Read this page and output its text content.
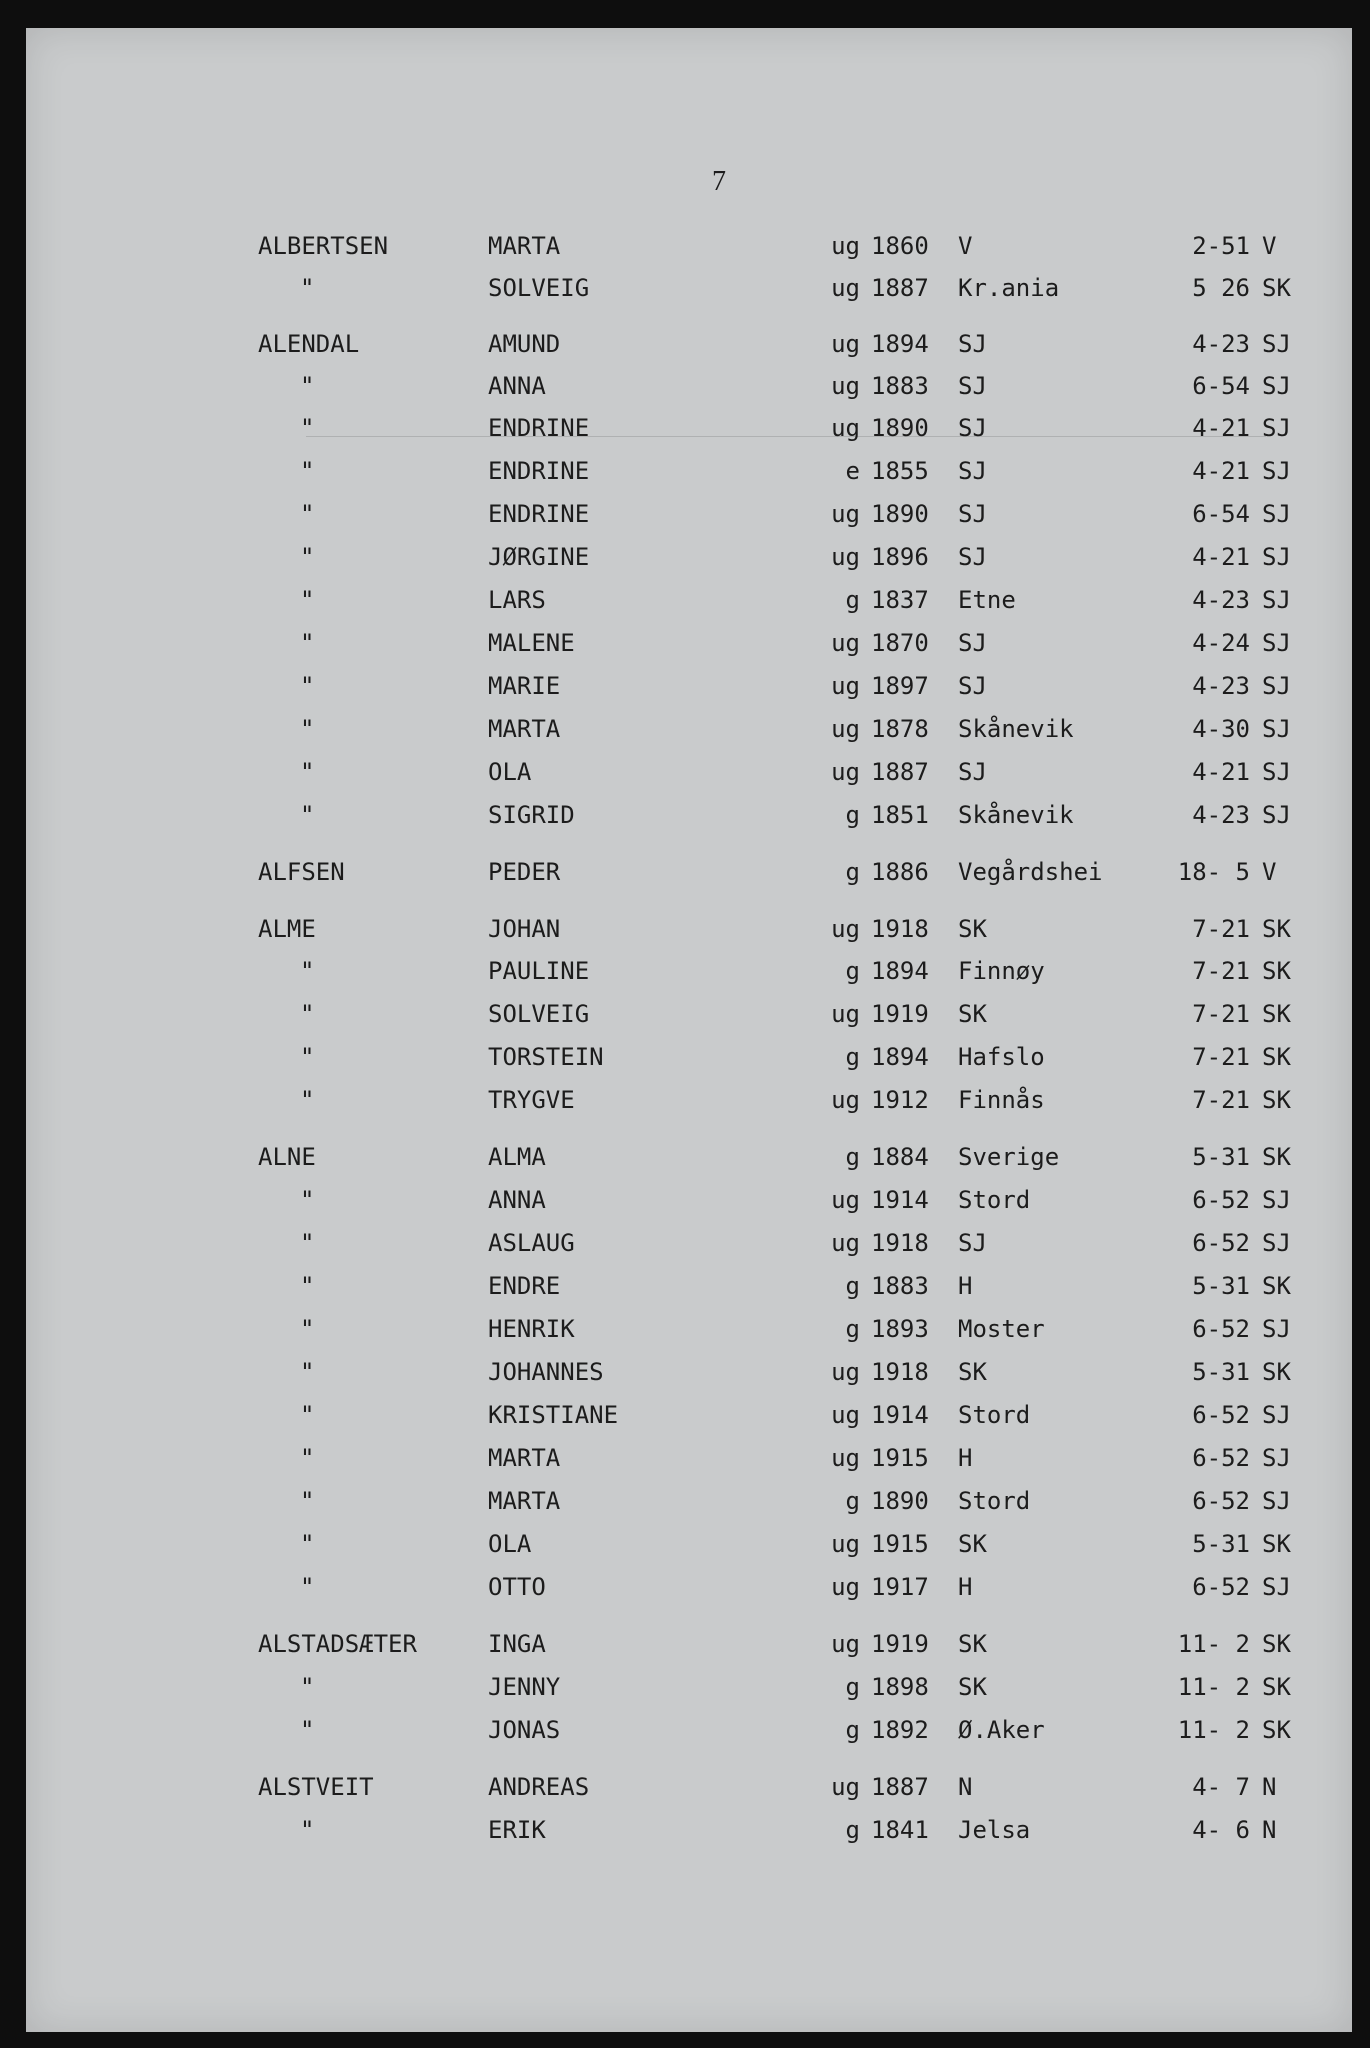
7
ALBERTSEN	MARTA	ug 1860 V	2-51 V
"	SOLVEIG	ug 1887 Kr.ania	5 26 SK
ALENDAL	AMUND	ug 1894 SJ	4-23 SJ
"	ANNA	ug 1883 SJ	6-54 SJ
"	ENDRINE	ug 1890 SJ	4-21 SJ
"	ENDRINE	e 1855 SJ	4-21 SJ
"	ENDRINE	ug 1890 SJ	6-54 SJ
"	JØRGINE	ug 1896 SJ	4-21 SJ
"	LARS	g 1837 Etne	4-23 SJ
"	MALENE	ug 1870 SJ	4-24 SJ
"	MARIE	ug 1897 SJ	4-23 SJ
"	MARTA	ug 1878 Skånevik	4-30 SJ
"	OLA	ug 1887 SJ	4-21 SJ
"	SIGRID	g 1851 Skånevik	4-23 SJ
ALFSEN	PEDER	g 1886 Vegårdshei	18- 5 V
ALME	JOHAN	ug 1918 SK	7-21 SK
"	PAULINE	g 1894 Finnøy	7-21 SK
"	SOLVEIG	ug 1919 SK	7-21 SK
"	TORSTEIN	g 1894 Hafslo	7-21 SK
"	TRYGVE	ug 1912 Finnås	7-21 SK
ALNE	ALMA	g 1884 Sverige	5-31 SK
"	ANNA	ug 1914 Stord	6-52 SJ
"	ASLAUG	ug 1918 SJ	6-52 SJ
"	ENDRE	g 1883 H	5-31 SK
"	HENRIK	g 1893 Moster	6-52 SJ
"	JOHANNES	ug 1918 SK	5-31 SK
"	KRISTIANE	ug 1914 Stord	6-52 SJ
"	MARTA	ug 1915 H	6-52 SJ
"	MARTA	g 1890 Stord	6-52 SJ
"	OLA	ug 1915 SK	5-31 SK
"	OTTO	ug 1917 H	6-52 SJ
ALSTADSÆTER	INGA	ug 1919 SK	11- 2 SK
"	JENNY	g 1898 SK	11- 2 SK
"	JONAS	g 1892 Ø.Aker	11- 2 SK
ALSTVEIT	ANDREAS	ug 1887 N	4- 7 N
"	ERIK	g 1841 Jelsa	4- 6 N
